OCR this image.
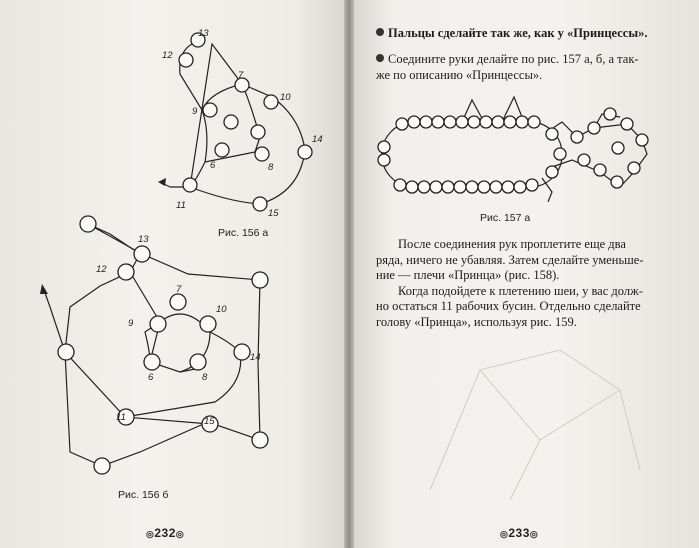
13
12
7
10
9
14
6	8
11
15
Рис. 156 а
13
12
7
10
9
14
6	8
11	15
Рис. 156 б
◎232◎
Пальцы сделайте так же, как у «Принцессы».
Соедините руки делайте по рис. 157 а, б, а так-
же по описанию «Принцессы».
Рис. 157 а
После соединения рук проплетите еще два
ряда, ничего не убавляя. Затем сделайте уменьше-
ние — плечи «Принца» (рис. 158).
Когда подойдете к плетению шеи, у вас долж-
но остаться 11 рабочих бусин. Отдельно сделайте
голову «Принца», используя рис. 159.
◎233◎
